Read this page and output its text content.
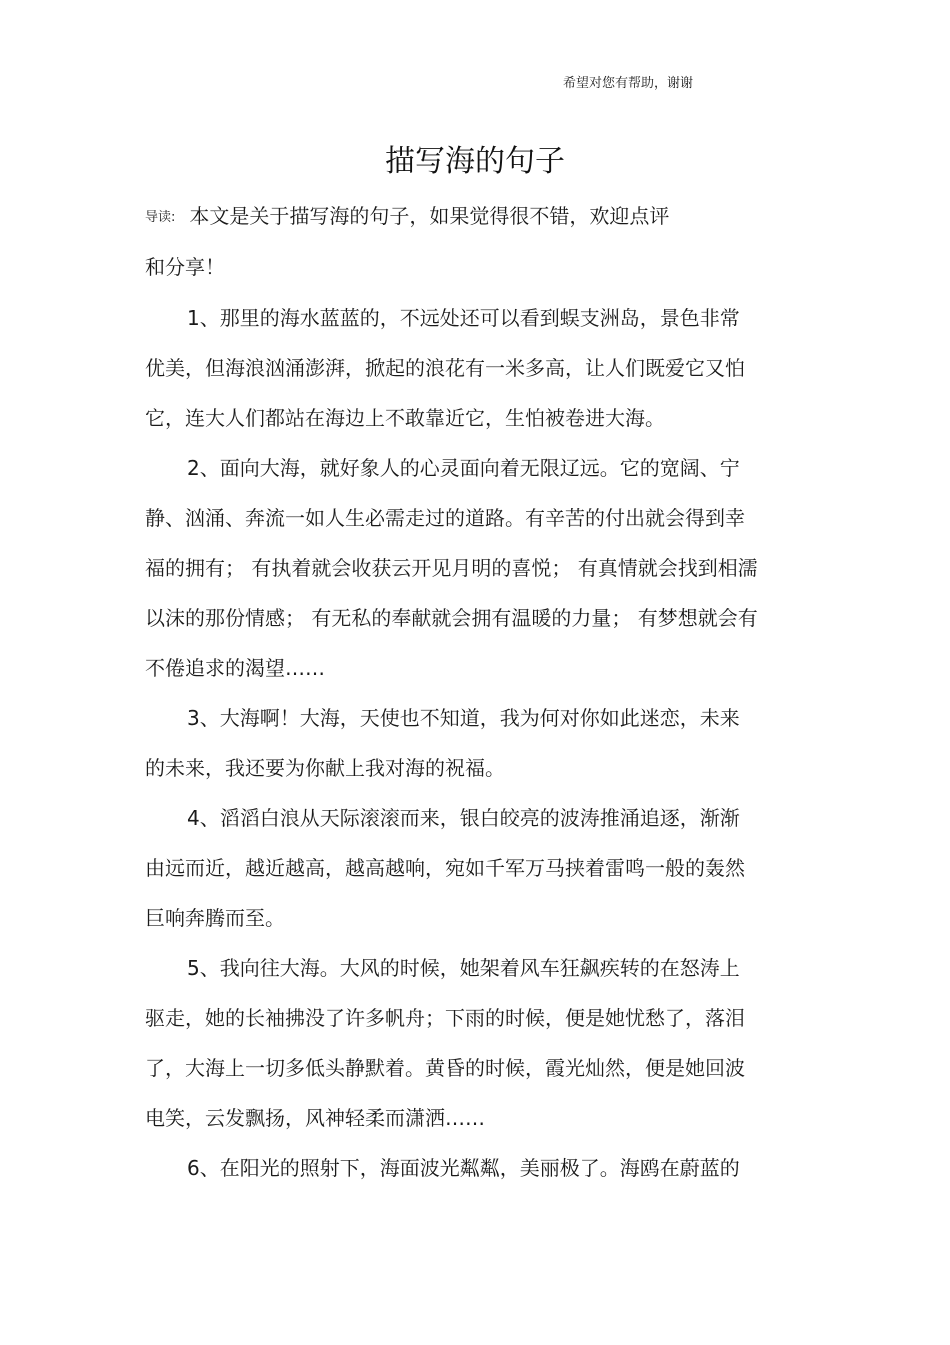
希望对您有帮助，谢谢
描写海的句子
导读: 本文是关于描写海的句子，如果觉得很不错，欢迎点评
和分享！
1、那里的海水蓝蓝的，不远处还可以看到蜈支洲岛，景色非常
优美，但海浪汹涌澎湃，掀起的浪花有一米多高，让人们既爱它又怕
它，连大人们都站在海边上不敢靠近它，生怕被卷进大海。
2、面向大海，就好象人的心灵面向着无限辽远。它的宽阔、宁
静、汹涌、奔流一如人生必需走过的道路。有辛苦的付出就会得到幸
福的拥有； 有执着就会收获云开见月明的喜悦； 有真情就会找到相濡
以沫的那份情感； 有无私的奉献就会拥有温暖的力量； 有梦想就会有
不倦追求的渴望……
3、大海啊！大海，天使也不知道，我为何对你如此迷恋，未来
的未来，我还要为你献上我对海的祝福。
4、滔滔白浪从天际滚滚而来，银白皎亮的波涛推涌追逐，渐渐
由远而近，越近越高，越高越响，宛如千军万马挟着雷鸣一般的轰然
巨响奔腾而至。
5、我向往大海。大风的时候，她架着风车狂飙疾转的在怒涛上
驱走，她的长袖拂没了许多帆舟；下雨的时候，便是她忧愁了，落泪
了，大海上一切多低头静默着。黄昏的时候，霞光灿然，便是她回波
电笑，云发飘扬，风神轻柔而潇洒……
6、在阳光的照射下，海面波光粼粼，美丽极了。海鸥在蔚蓝的
